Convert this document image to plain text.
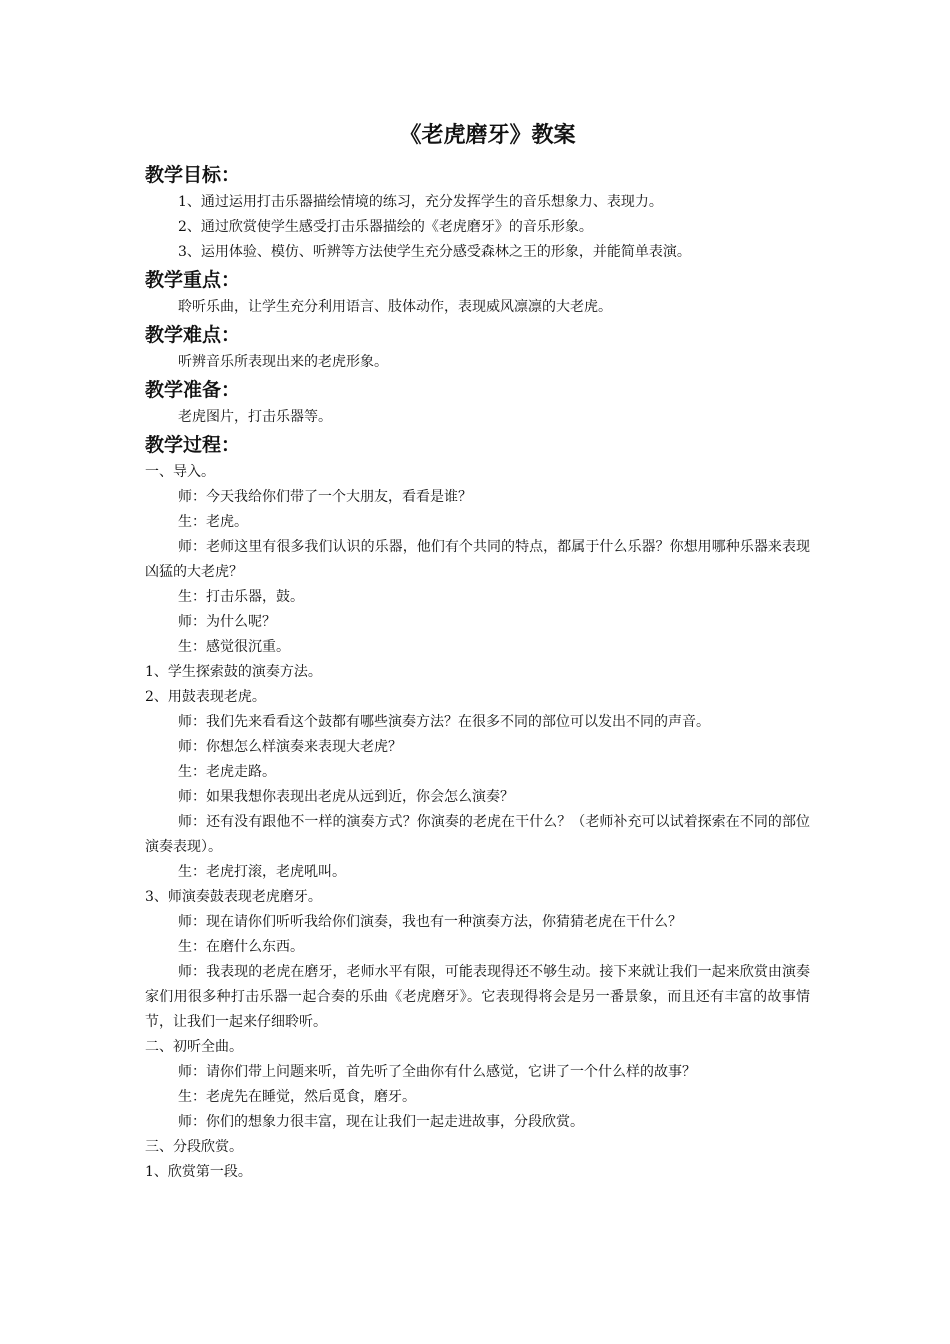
《老虎磨牙》教案
教学目标：
1、通过运用打击乐器描绘情境的练习，充分发挥学生的音乐想象力、表现力。
2、通过欣赏使学生感受打击乐器描绘的《老虎磨牙》的音乐形象。
3、运用体验、模仿、听辨等方法使学生充分感受森林之王的形象，并能简单表演。
教学重点：
聆听乐曲，让学生充分利用语言、肢体动作，表现威风凛凛的大老虎。
教学难点：
听辨音乐所表现出来的老虎形象。
教学准备：
老虎图片，打击乐器等。
教学过程：
一、导入。
师：今天我给你们带了一个大朋友，看看是谁？
生：老虎。
师：老师这里有很多我们认识的乐器，他们有个共同的特点，都属于什么乐器？你想用哪种乐器来表现凶猛的大老虎？
生：打击乐器，鼓。
师：为什么呢？
生：感觉很沉重。
1、学生探索鼓的演奏方法。
2、用鼓表现老虎。
师：我们先来看看这个鼓都有哪些演奏方法？在很多不同的部位可以发出不同的声音。
师：你想怎么样演奏来表现大老虎？
生：老虎走路。
师：如果我想你表现出老虎从远到近，你会怎么演奏？
师：还有没有跟他不一样的演奏方式？你演奏的老虎在干什么？（老师补充可以试着探索在不同的部位演奏表现）。
生：老虎打滚，老虎吼叫。
3、师演奏鼓表现老虎磨牙。
师：现在请你们听听我给你们演奏，我也有一种演奏方法，你猜猜老虎在干什么？
生：在磨什么东西。
师：我表现的老虎在磨牙，老师水平有限，可能表现得还不够生动。接下来就让我们一起来欣赏由演奏家们用很多种打击乐器一起合奏的乐曲《老虎磨牙》。它表现得将会是另一番景象，而且还有丰富的故事情节，让我们一起来仔细聆听。
二、初听全曲。
师：请你们带上问题来听，首先听了全曲你有什么感觉，它讲了一个什么样的故事？
生：老虎先在睡觉，然后觅食，磨牙。
师：你们的想象力很丰富，现在让我们一起走进故事，分段欣赏。
三、分段欣赏。
1、欣赏第一段。
